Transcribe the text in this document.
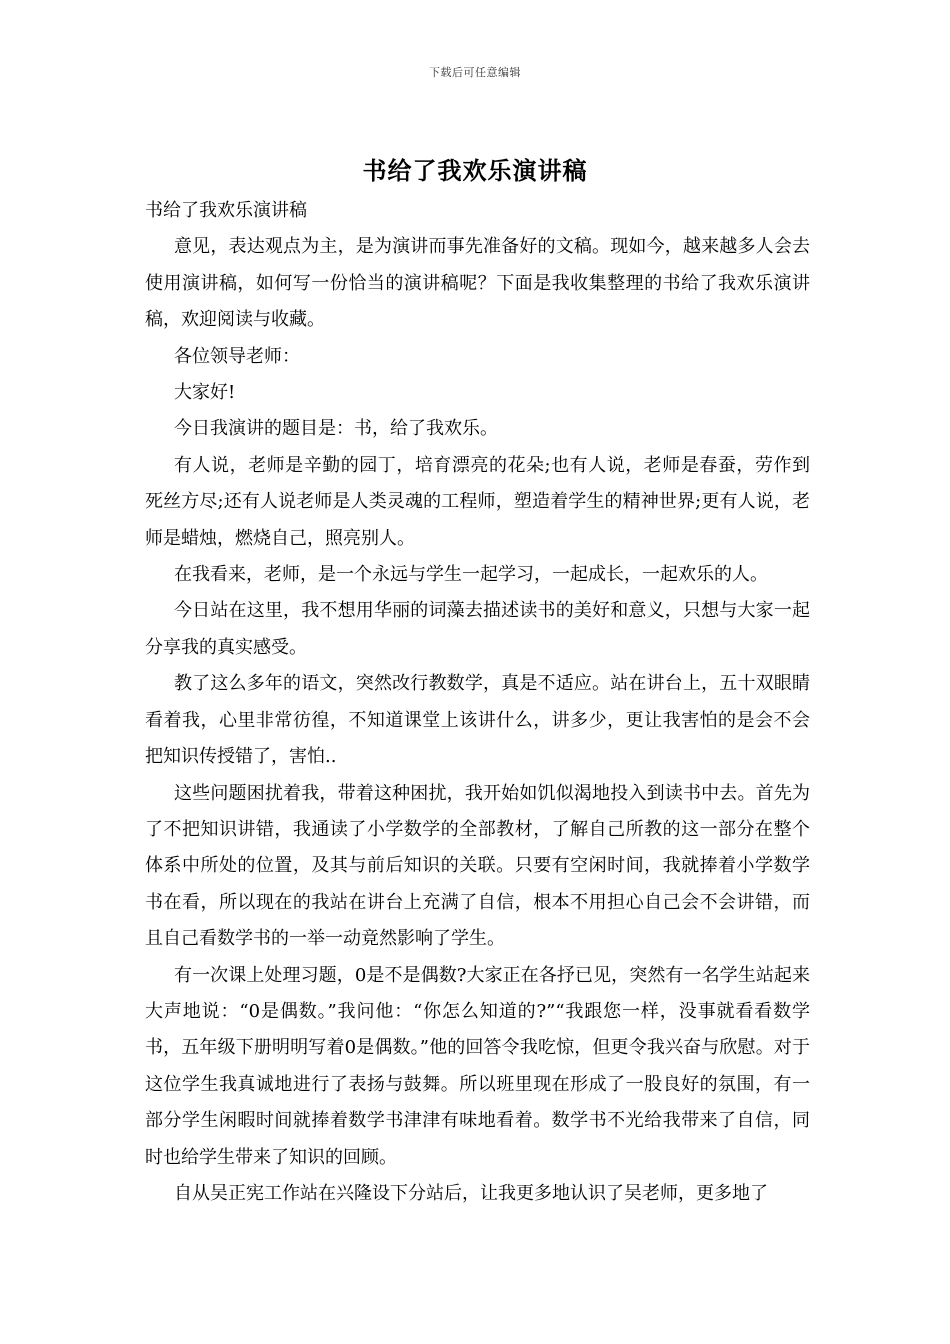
下载后可任意编辑
书给了我欢乐演讲稿

书给了我欢乐演讲稿

意见，表达观点为主，是为演讲而事先准备好的文稿。现如今，越来越多人会去使用演讲稿，如何写一份恰当的演讲稿呢？下面是我收集整理的书给了我欢乐演讲稿，欢迎阅读与收藏。

各位领导老师：

大家好!

今日我演讲的题目是：书，给了我欢乐。

有人说，老师是辛勤的园丁，培育漂亮的花朵;也有人说，老师是春蚕，劳作到死丝方尽;还有人说老师是人类灵魂的工程师，塑造着学生的精神世界;更有人说，老师是蜡烛，燃烧自己，照亮别人。

在我看来，老师，是一个永远与学生一起学习，一起成长，一起欢乐的人。

今日站在这里，我不想用华丽的词藻去描述读书的美好和意义，只想与大家一起分享我的真实感受。

教了这么多年的语文，突然改行教数学，真是不适应。站在讲台上，五十双眼睛看着我，心里非常彷徨，不知道课堂上该讲什么，讲多少，更让我害怕的是会不会把知识传授错了，害怕..

这些问题困扰着我，带着这种困扰，我开始如饥似渴地投入到读书中去。首先为了不把知识讲错，我通读了小学数学的全部教材，了解自己所教的这一部分在整个体系中所处的位置，及其与前后知识的关联。只要有空闲时间，我就捧着小学数学书在看，所以现在的我站在讲台上充满了自信，根本不用担心自己会不会讲错，而且自己看数学书的一举一动竟然影响了学生。

有一次课上处理习题，0是不是偶数?大家正在各抒已见，突然有一名学生站起来大声地说：“0是偶数。”我问他：“你怎么知道的?”“我跟您一样，没事就看看数学书，五年级下册明明写着0是偶数。”他的回答令我吃惊，但更令我兴奋与欣慰。对于这位学生我真诚地进行了表扬与鼓舞。所以班里现在形成了一股良好的氛围，有一部分学生闲暇时间就捧着数学书津津有味地看着。数学书不光给我带来了自信，同时也给学生带来了知识的回顾。

自从吴正宪工作站在兴隆设下分站后，让我更多地认识了吴老师，更多地了
